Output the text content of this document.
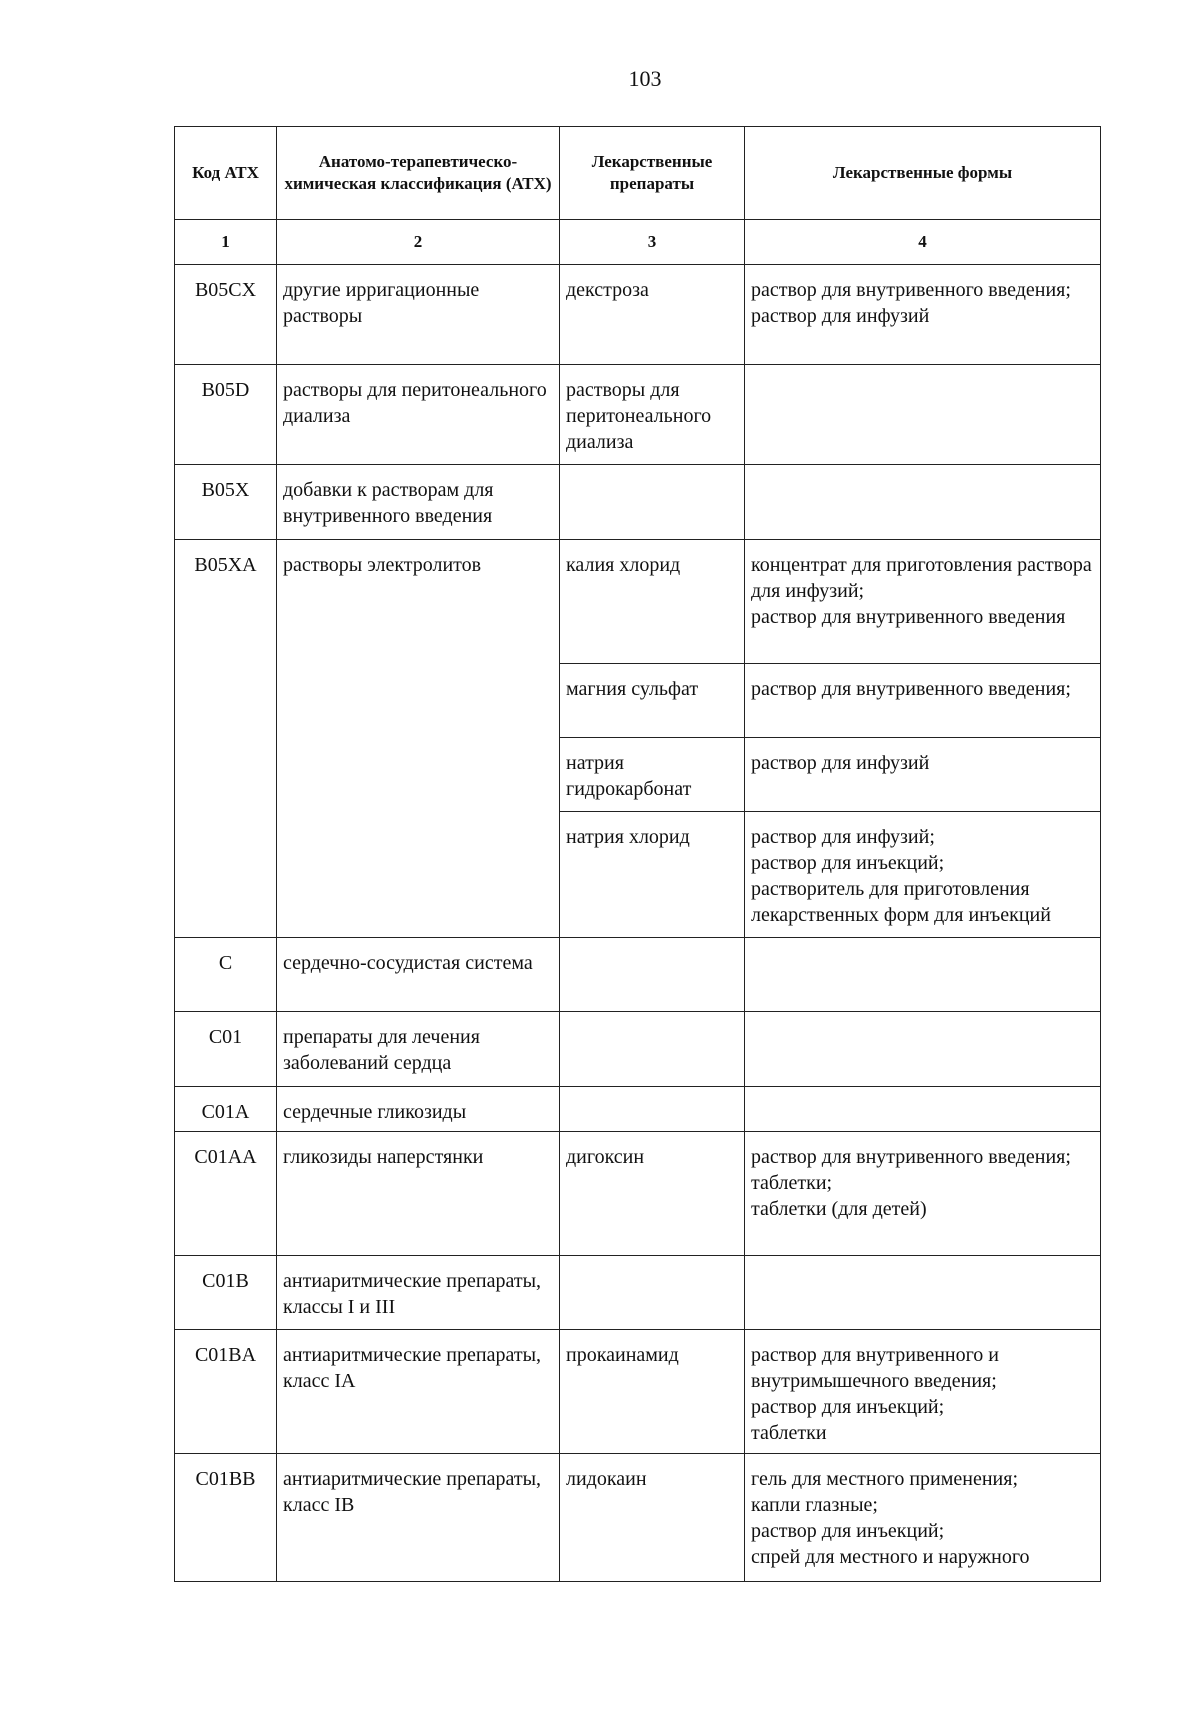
103
Код АТХ	Анатомо-терапевтическо-химическая классификация (АТХ)	Лекарственные препараты	Лекарственные формы
1	2	3	4
B05CX	другие ирригационные растворы	декстроза	раствор для внутривенного введения;
раствор для инфузий

B05D	растворы для перитонеального диализа	растворы для перитонеального диализа	
B05X	добавки к растворам для внутривенного введения		
B05XA	растворы электролитов	калия хлорид	концентрат для приготовления раствора для инфузий;
раствор для внутривенного введения

		магния сульфат	раствор для внутривенного введения;

		натрия гидрокарбонат	раствор для инфузий

		натрия хлорид	раствор для инфузий;
раствор для инъекций;
растворитель для приготовления лекарственных форм для инъекций

C	сердечно-сосудистая система		
C01	препараты для лечения заболеваний сердца		
C01A	сердечные гликозиды		
C01AA	гликозиды наперстянки	дигоксин	раствор для внутривенного введения;
таблетки;
таблетки (для детей)

C01B	антиаритмические препараты, классы I и III		
C01BA	антиаритмические препараты, класс IA	прокаинамид	раствор для внутривенного и внутримышечного введения;
раствор для инъекций;
таблетки

C01BB	антиаритмические препараты, класс IB	лидокаин	гель для местного применения;
капли глазные;
раствор для инъекций;
спрей для местного и наружного
